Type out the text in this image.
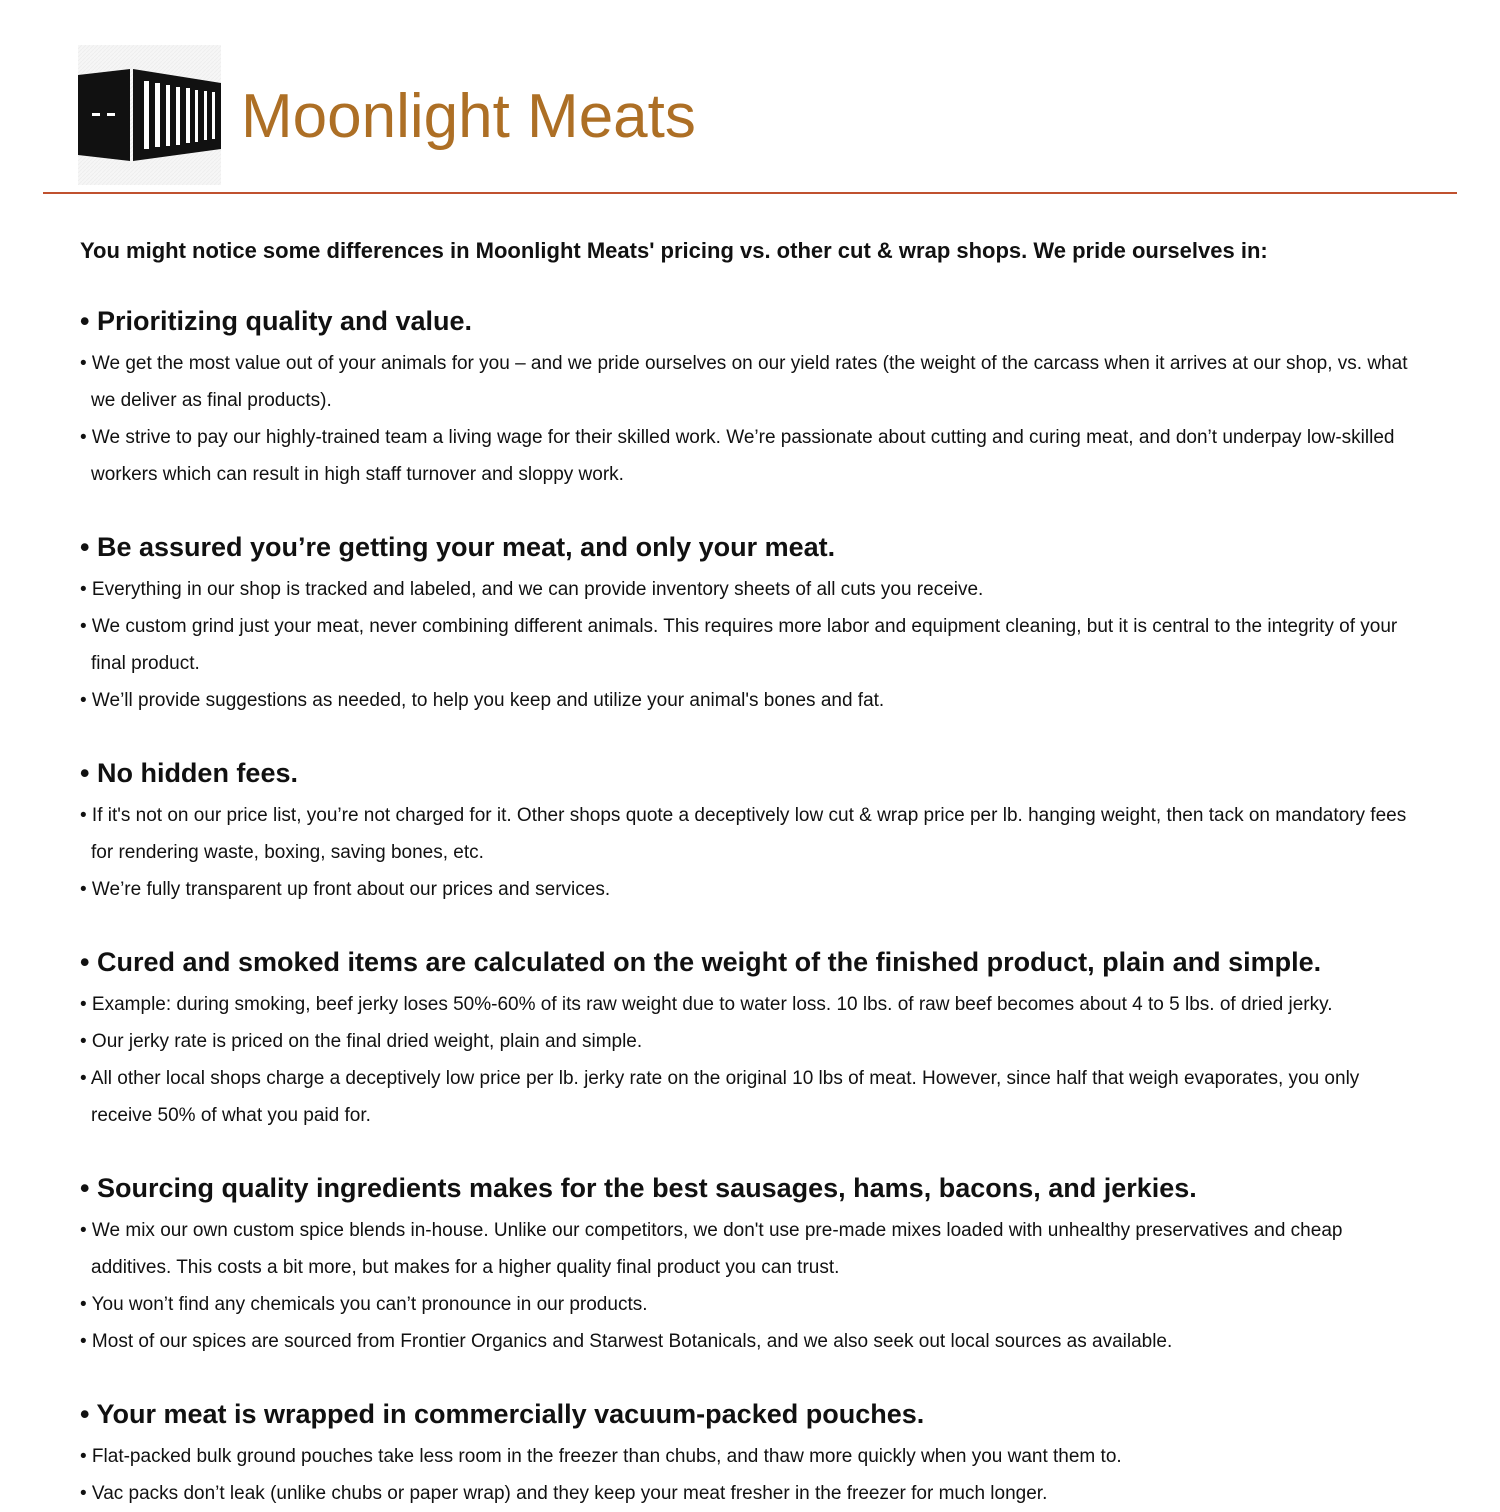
Moonlight Meats

You might notice some differences in Moonlight Meats' pricing vs. other cut & wrap shops. We pride ourselves in:

• Prioritizing quality and value.
• We get the most value out of your animals for you – and we pride ourselves on our yield rates (the weight of the carcass when it arrives at our shop, vs. what we deliver as final products).
• We strive to pay our highly-trained team a living wage for their skilled work. We’re passionate about cutting and curing meat, and don’t underpay low-skilled workers which can result in high staff turnover and sloppy work.
• Be assured you’re getting your meat, and only your meat.
• Everything in our shop is tracked and labeled, and we can provide inventory sheets of all cuts you receive.
• We custom grind just your meat, never combining different animals. This requires more labor and equipment cleaning, but it is central to the integrity of your final product.
• We’ll provide suggestions as needed, to help you keep and utilize your animal's bones and fat.
• No hidden fees.
• If it's not on our price list, you’re not charged for it. Other shops quote a deceptively low cut & wrap price per lb. hanging weight, then tack on mandatory fees for rendering waste, boxing, saving bones, etc.
• We’re fully transparent up front about our prices and services.
• Cured and smoked items are calculated on the weight of the finished product, plain and simple.
• Example: during smoking, beef jerky loses 50%-60% of its raw weight due to water loss. 10 lbs. of raw beef becomes about 4 to 5 lbs. of dried jerky.
• Our jerky rate is priced on the final dried weight, plain and simple.
• All other local shops charge a deceptively low price per lb. jerky rate on the original 10 lbs of meat. However, since half that weigh evaporates, you only receive 50% of what you paid for.
• Sourcing quality ingredients makes for the best sausages, hams, bacons, and jerkies.
• We mix our own custom spice blends in-house. Unlike our competitors, we don't use pre-made mixes loaded with unhealthy preservatives and cheap additives. This costs a bit more, but makes for a higher quality final product you can trust.
• You won’t find any chemicals you can’t pronounce in our products.
• Most of our spices are sourced from Frontier Organics and Starwest Botanicals, and we also seek out local sources as available.
• Your meat is wrapped in commercially vacuum-packed pouches.
• Flat-packed bulk ground pouches take less room in the freezer than chubs, and thaw more quickly when you want them to.
• Vac packs don’t leak (unlike chubs or paper wrap) and they keep your meat fresher in the freezer for much longer.
